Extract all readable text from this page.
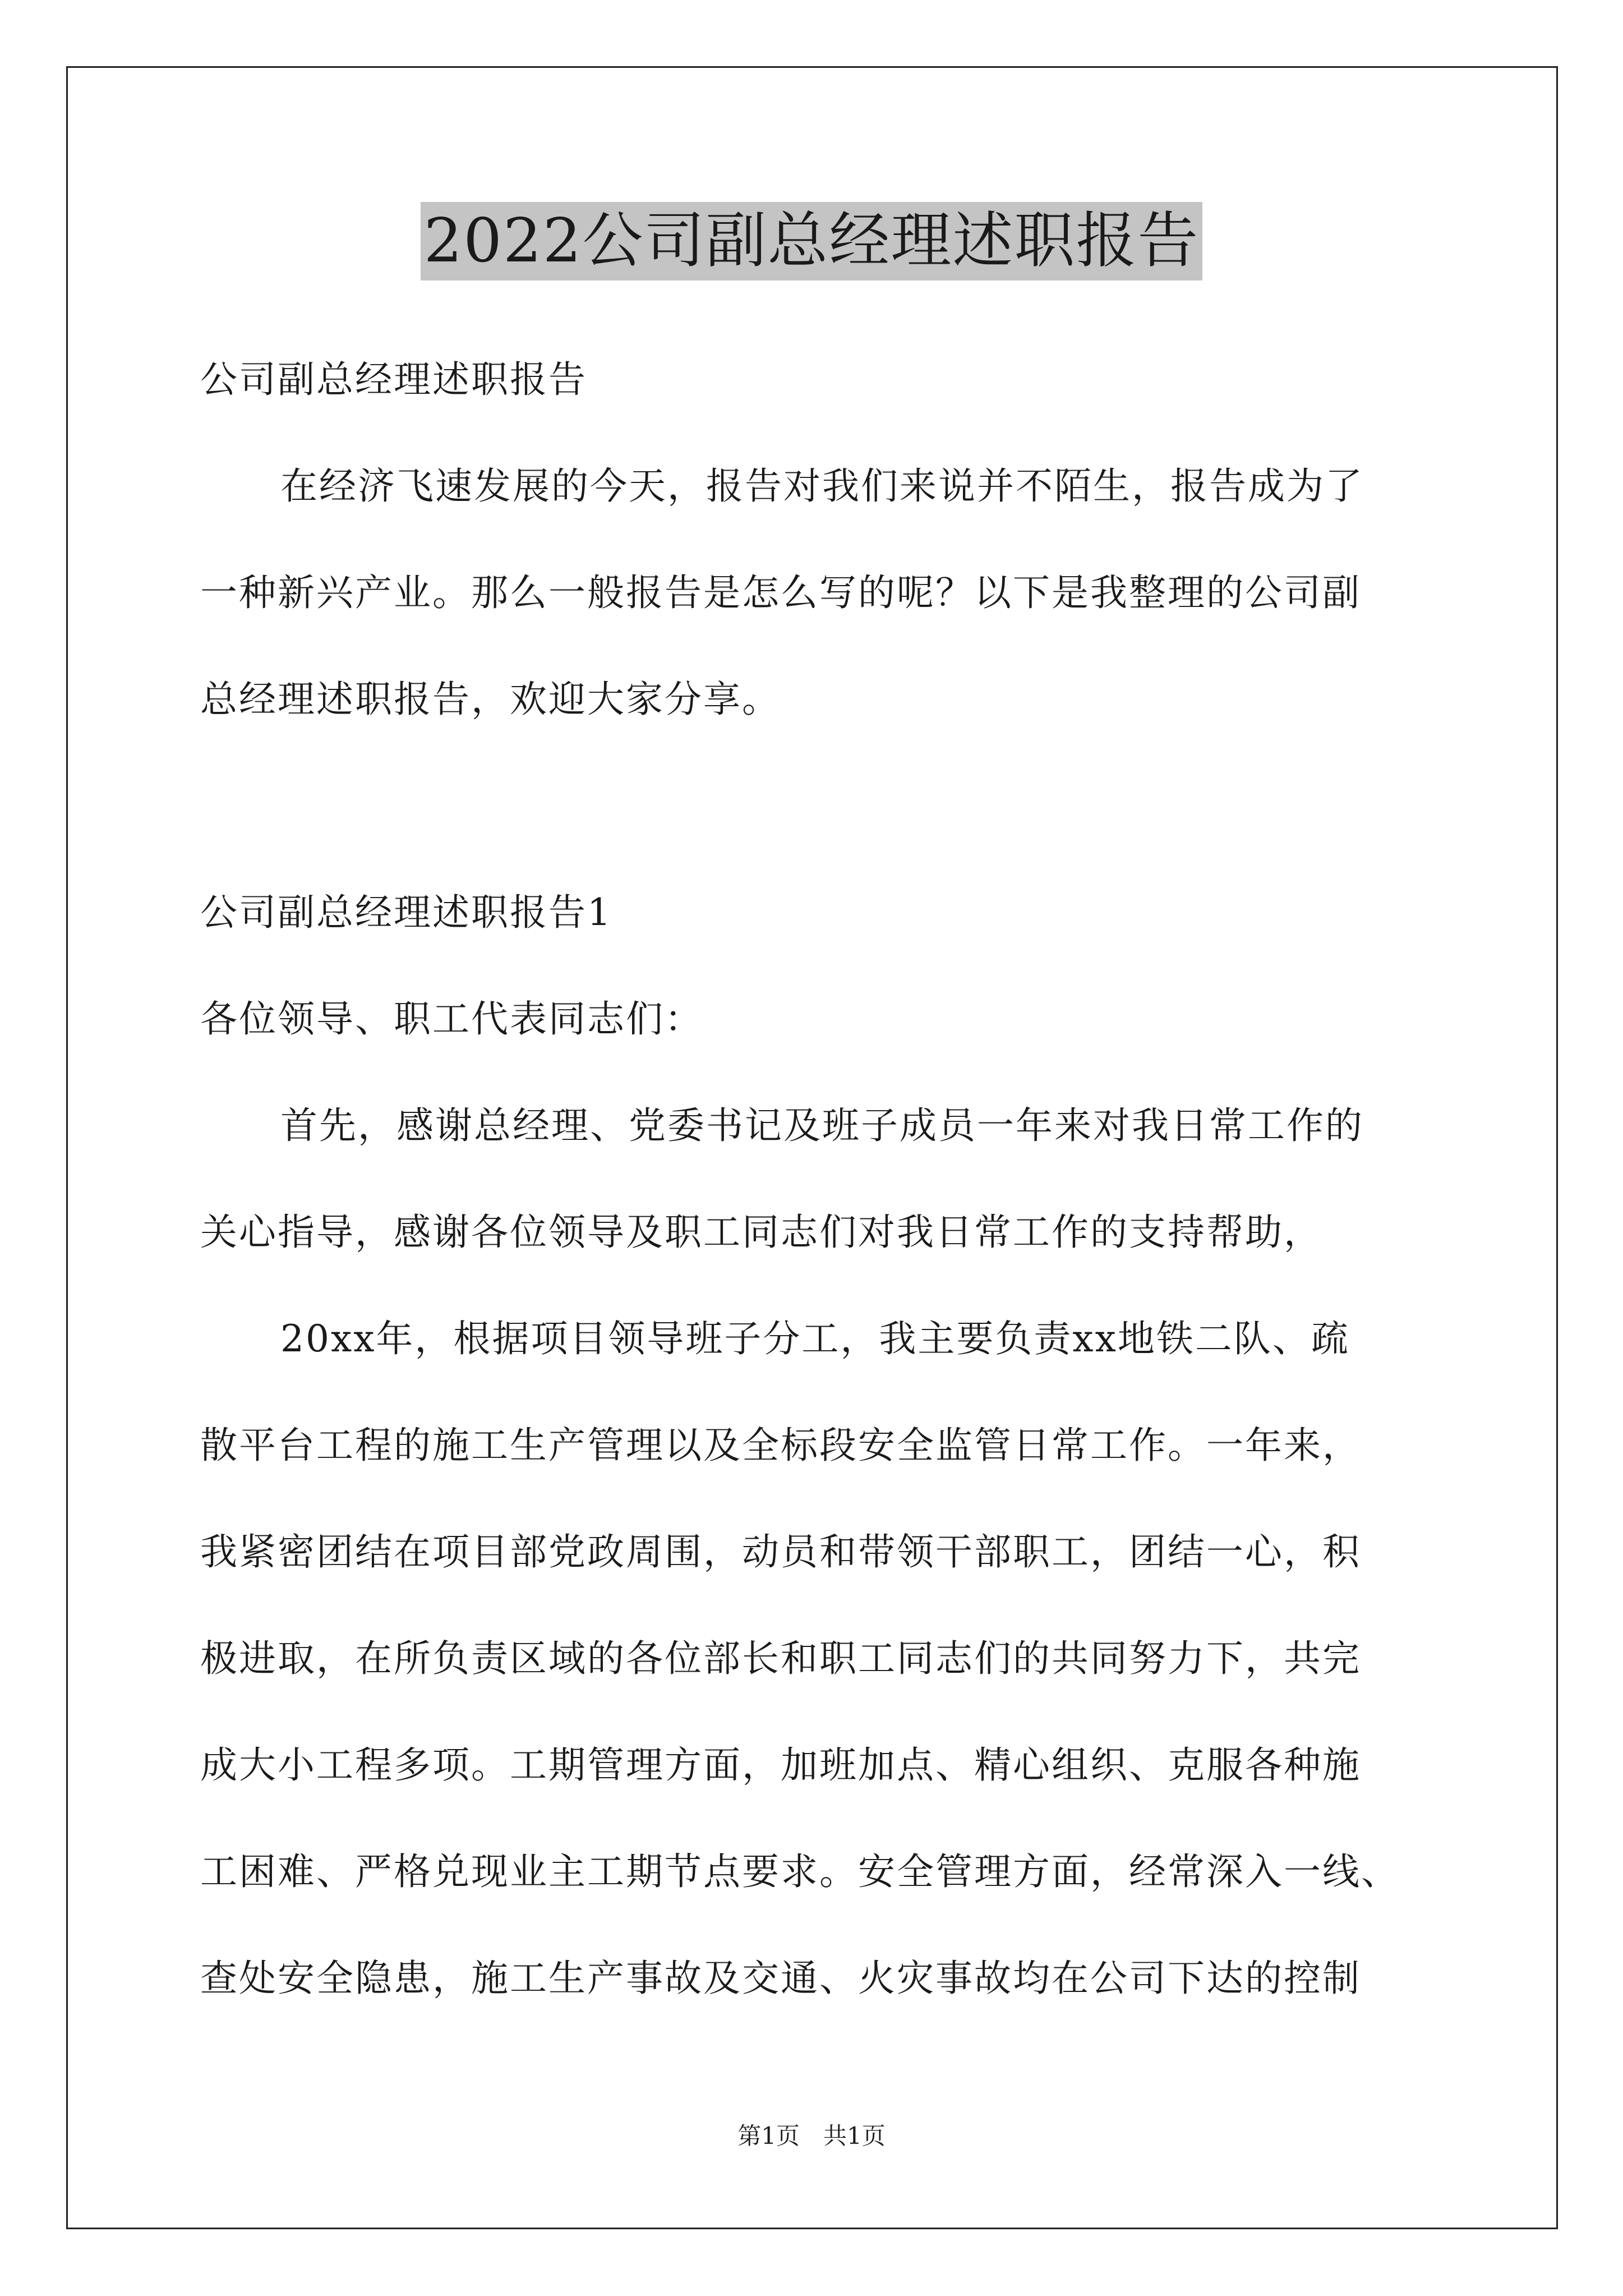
2022公司副总经理述职报告
公司副总经理述职报告
在经济飞速发展的今天，报告对我们来说并不陌生，报告成为了
一种新兴产业。那么一般报告是怎么写的呢？以下是我整理的公司副
总经理述职报告，欢迎大家分享。
公司副总经理述职报告1
各位领导、职工代表同志们：
首先，感谢总经理、党委书记及班子成员一年来对我日常工作的
关心指导，感谢各位领导及职工同志们对我日常工作的支持帮助，
20xx年，根据项目领导班子分工，我主要负责xx地铁二队、疏
散平台工程的施工生产管理以及全标段安全监管日常工作。一年来，
我紧密团结在项目部党政周围，动员和带领干部职工，团结一心，积
极进取，在所负责区域的各位部长和职工同志们的共同努力下，共完
成大小工程多项。工期管理方面，加班加点、精心组织、克服各种施
工困难、严格兑现业主工期节点要求。安全管理方面，经常深入一线、
查处安全隐患，施工生产事故及交通、火灾事故均在公司下达的控制
第1页　共1页
